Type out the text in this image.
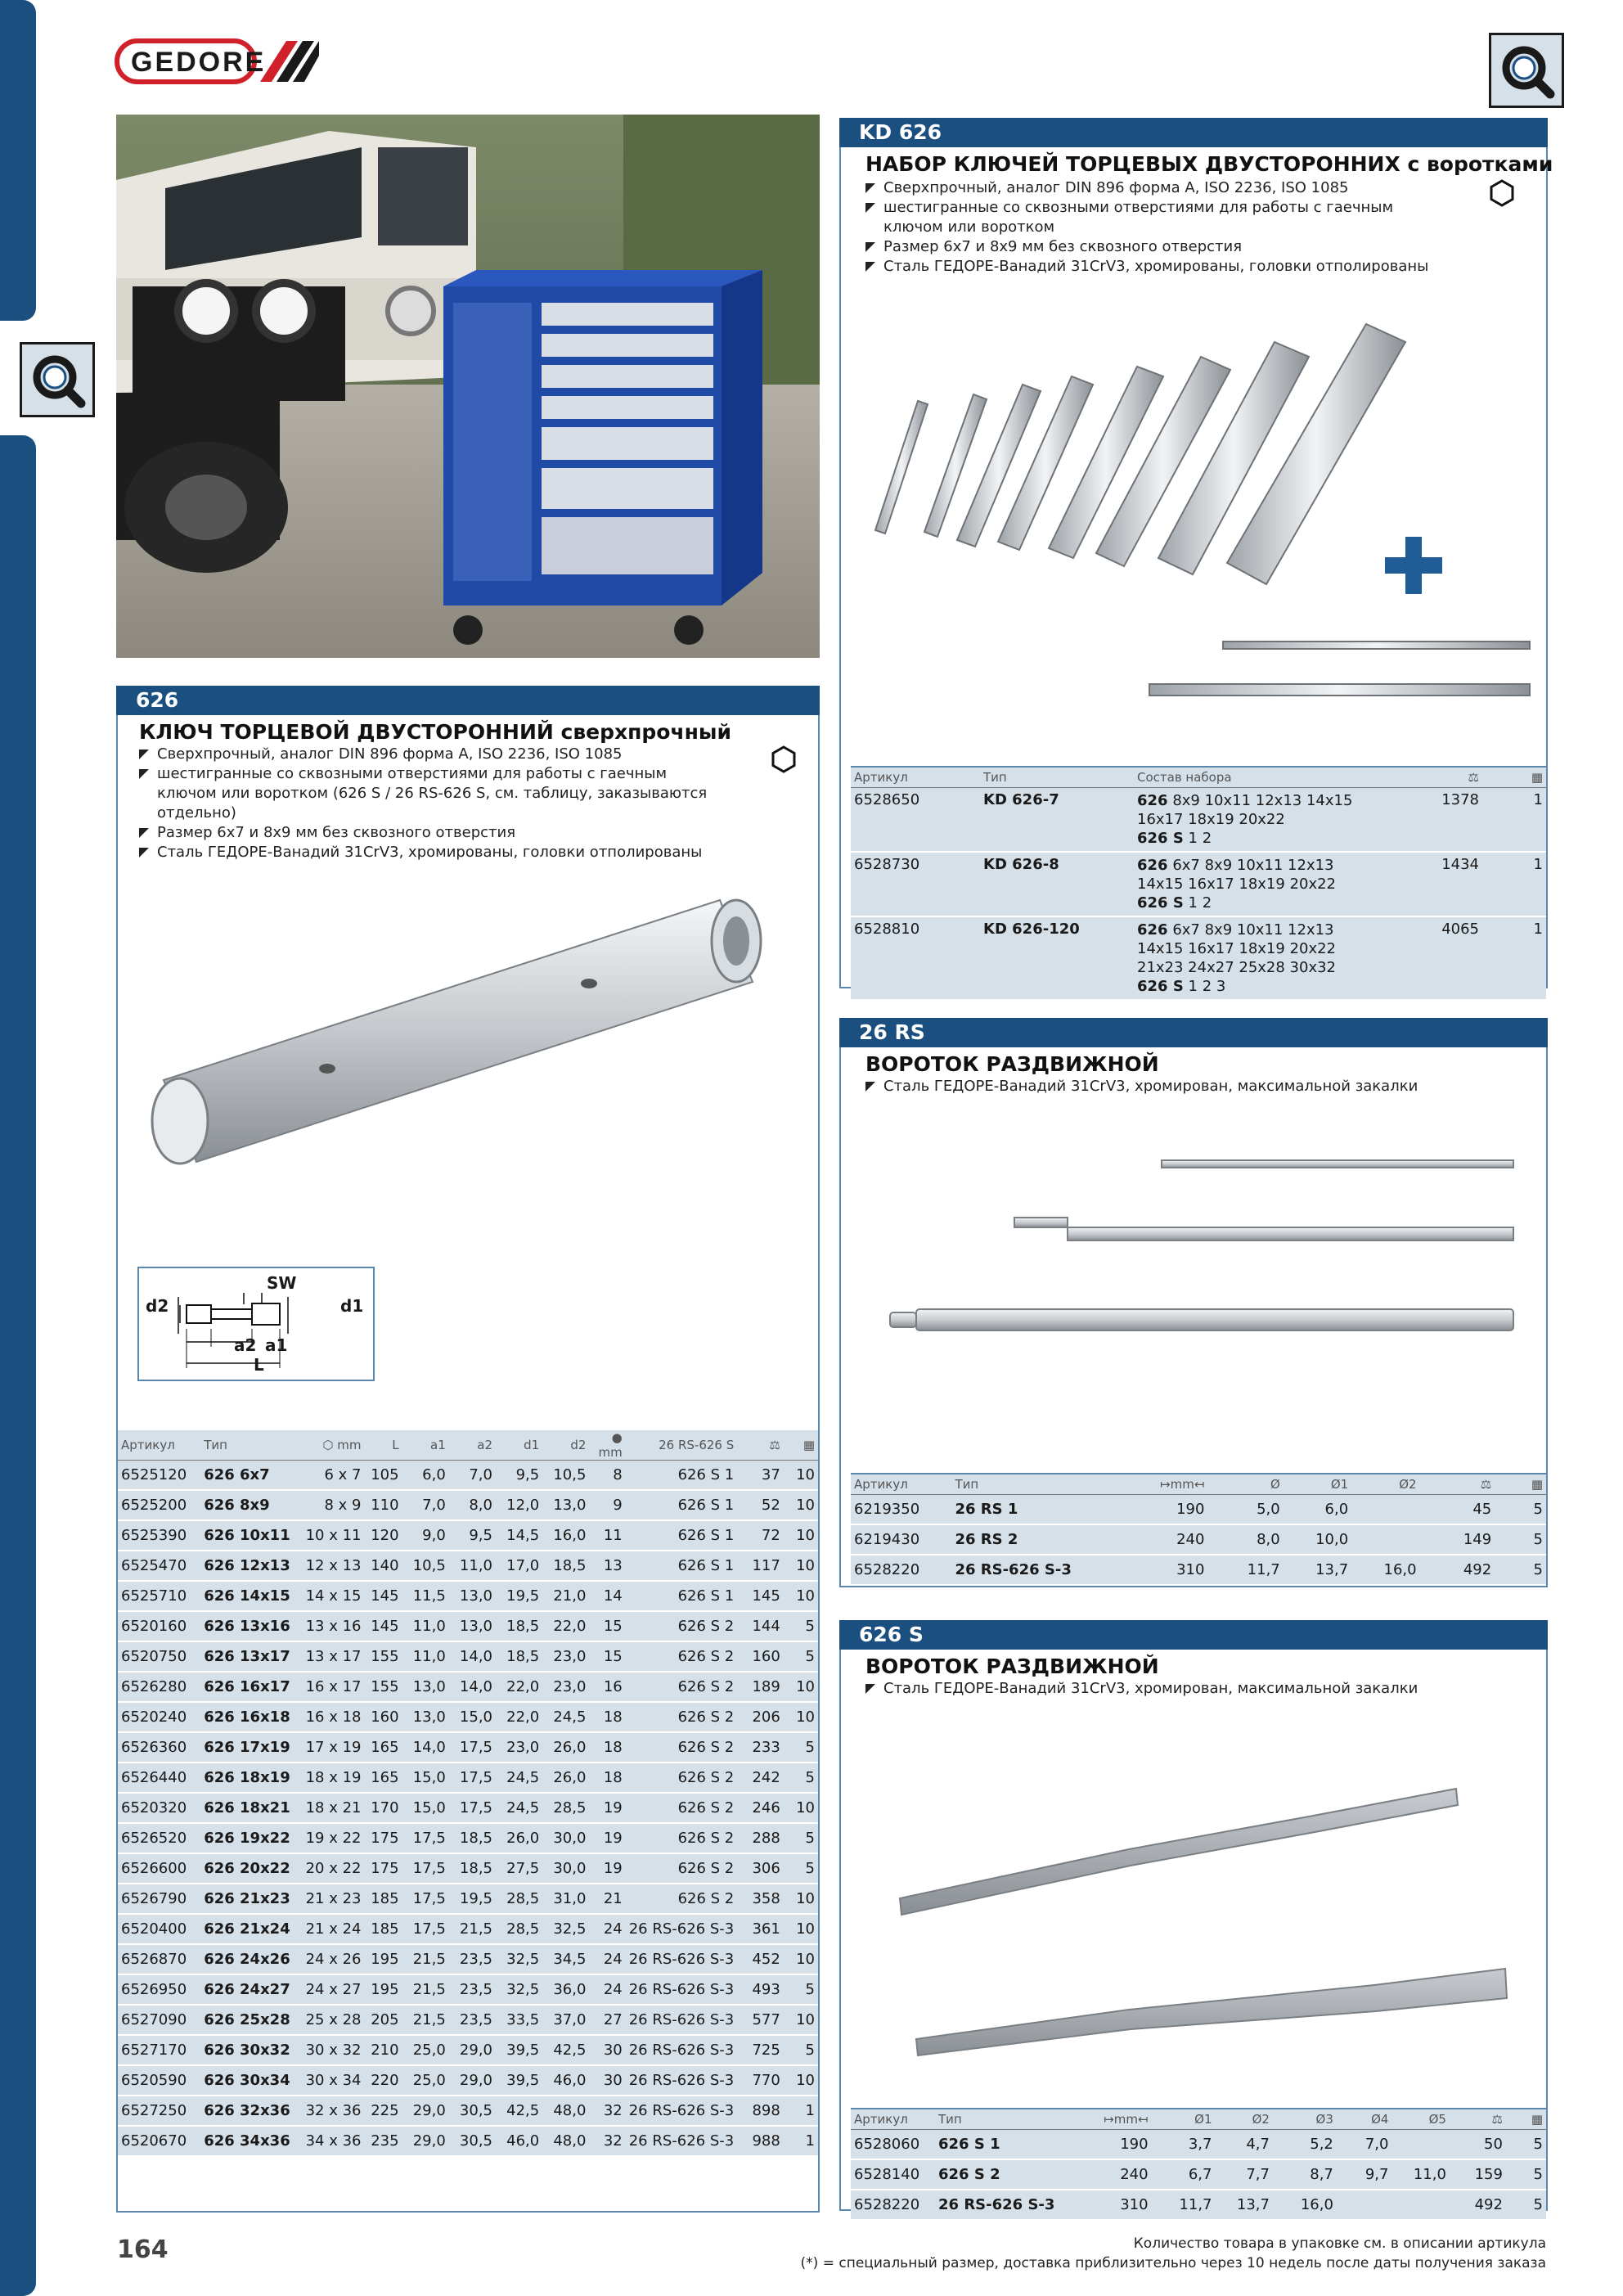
GEDORE
KD 626
НАБОР КЛЮЧЕЙ ТОРЦЕВЫХ ДВУСТОРОННИХ с воротками
Сверхпрочный, аналог DIN 896 форма А, ISO 2236, ISO 1085
шестигранные со сквозными отверстиями для работы с гаечным ключом или воротком
Размер 6x7 и 8x9 мм без сквозного отверстия
Сталь ГЕДОРЕ-Ванадий 31CrV3, хромированы, головки отполированы
Артикул	Тип	Состав набора	⚖	▦
6528650	KD 626-7	626 8x9 10x11 12x13 14x15
16x17 18x19 20x22
626 S 1 2	1378	1
6528730	KD 626-8	626 6x7 8x9 10x11 12x13
14x15 16x17 18x19 20x22
626 S 1 2	1434	1
6528810	KD 626-120	626 6x7 8x9 10x11 12x13
14x15 16x17 18x19 20x22
21x23 24x27 25x28 30x32
626 S 1 2 3	4065	1
626
КЛЮЧ ТОРЦЕВОЙ ДВУСТОРОННИЙ сверхпрочный
Сверхпрочный, аналог DIN 896 форма А, ISO 2236, ISO 1085
шестигранные со сквозными отверстиями для работы с гаечным ключом или воротком (626 S / 26 RS-626 S, см. таблицу, заказываются отдельно)
Размер 6x7 и 8x9 мм без сквозного отверстия
Сталь ГЕДОРЕ-Ванадий 31CrV3, хромированы, головки отполированы
SW
d2	d1
a2 a1
L
Артикул	Тип	⬡ mm	L	a1	a2	d1	d2	● mm	26 RS-626 S	⚖	▦
6525120	626 6x7	6 x 7	105	6,0	7,0	9,5	10,5	8	626 S 1	37	10
6525200	626 8x9	8 x 9	110	7,0	8,0	12,0	13,0	9	626 S 1	52	10
6525390	626 10x11	10 x 11	120	9,0	9,5	14,5	16,0	11	626 S 1	72	10
6525470	626 12x13	12 x 13	140	10,5	11,0	17,0	18,5	13	626 S 1	117	10
6525710	626 14x15	14 x 15	145	11,5	13,0	19,5	21,0	14	626 S 1	145	10
6520160	626 13x16	13 x 16	145	11,0	13,0	18,5	22,0	15	626 S 2	144	5
6520750	626 13x17	13 x 17	155	11,0	14,0	18,5	23,0	15	626 S 2	160	5
6526280	626 16x17	16 x 17	155	13,0	14,0	22,0	23,0	16	626 S 2	189	10
6520240	626 16x18	16 x 18	160	13,0	15,0	22,0	24,5	18	626 S 2	206	10
6526360	626 17x19	17 x 19	165	14,0	17,5	23,0	26,0	18	626 S 2	233	5
6526440	626 18x19	18 x 19	165	15,0	17,5	24,5	26,0	18	626 S 2	242	5
6520320	626 18x21	18 x 21	170	15,0	17,5	24,5	28,5	19	626 S 2	246	10
6526520	626 19x22	19 x 22	175	17,5	18,5	26,0	30,0	19	626 S 2	288	5
6526600	626 20x22	20 x 22	175	17,5	18,5	27,5	30,0	19	626 S 2	306	5
6526790	626 21x23	21 x 23	185	17,5	19,5	28,5	31,0	21	626 S 2	358	10
6520400	626 21x24	21 x 24	185	17,5	21,5	28,5	32,5	24	26 RS-626 S-3	361	10
6526870	626 24x26	24 x 26	195	21,5	23,5	32,5	34,5	24	26 RS-626 S-3	452	10
6526950	626 24x27	24 x 27	195	21,5	23,5	32,5	36,0	24	26 RS-626 S-3	493	5
6527090	626 25x28	25 x 28	205	21,5	23,5	33,5	37,0	27	26 RS-626 S-3	577	10
6527170	626 30x32	30 x 32	210	25,0	29,0	39,5	42,5	30	26 RS-626 S-3	725	5
6520590	626 30x34	30 x 34	220	25,0	29,0	39,5	46,0	30	26 RS-626 S-3	770	10
6527250	626 32x36	32 x 36	225	29,0	30,5	42,5	48,0	32	26 RS-626 S-3	898	1
6520670	626 34x36	34 x 36	235	29,0	30,5	46,0	48,0	32	26 RS-626 S-3	988	1
26 RS
ВОРОТОК РАЗДВИЖНОЙ
Сталь ГЕДОРЕ-Ванадий 31CrV3, хромирован, максимальной закалки
Артикул	Тип	↦mm↤	Ø	Ø1	Ø2	⚖	▦
6219350	26 RS 1	190	5,0	6,0		45	5
6219430	26 RS 2	240	8,0	10,0		149	5
6528220	26 RS-626 S-3	310	11,7	13,7	16,0	492	5
626 S
ВОРОТОК РАЗДВИЖНОЙ
Сталь ГЕДОРЕ-Ванадий 31CrV3, хромирован, максимальной закалки
Артикул	Тип	↦mm↤	Ø1	Ø2	Ø3	Ø4	Ø5	⚖	▦
6528060	626 S 1	190	3,7	4,7	5,2	7,0		50	5
6528140	626 S 2	240	6,7	7,7	8,7	9,7	11,0	159	5
6528220	26 RS-626 S-3	310	11,7	13,7	16,0			492	5
164	Количество товара в упаковке см. в описании артикула
(*) = специальный размер, доставка приблизительно через 10 недель после даты получения заказа
